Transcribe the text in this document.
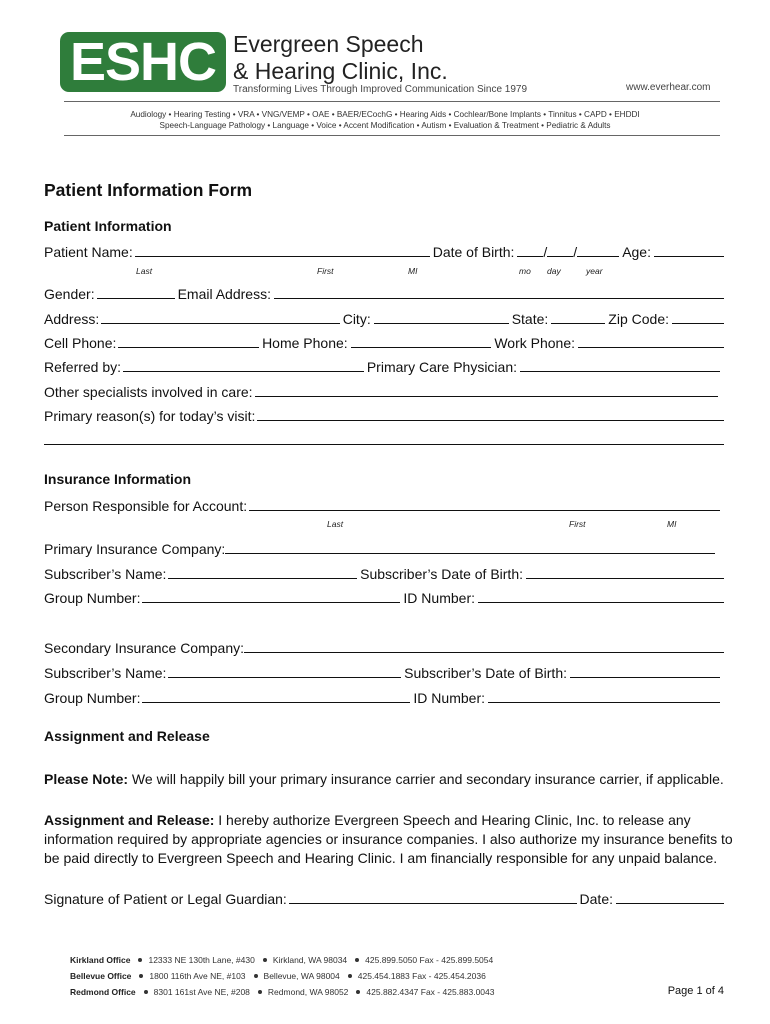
ESHC Evergreen Speech
& Hearing Clinic, Inc.
Transforming Lives Through Improved Communication Since 1979	www.everhear.com
Audiology • Hearing Testing • VRA • VNG/VEMP • OAE • BAER/ECochG • Hearing Aids • Cochlear/Bone Implants • Tinnitus • CAPD • EHDDI
Speech-Language Pathology • Language • Voice • Accent Modification • Autism • Evaluation & Treatment • Pediatric & Adults
Patient Information Form
Patient Information
Patient Name:	Date of Birth: / /	Age:
Last	First	MI	mo day	year
Gender:	Email Address:
Address:	City:	State:	Zip Code:
Cell Phone:	Home Phone:	Work Phone:
Referred by:	Primary Care Physician:
Other specialists involved in care:
Primary reason(s) for today’s visit:
Insurance Information
Person Responsible for Account:
Last	First	MI
Primary Insurance Company:
Subscriber’s Name:	Subscriber’s Date of Birth:
Group Number:	ID Number:
Secondary Insurance Company:
Subscriber’s Name:	Subscriber’s Date of Birth:
Group Number:	ID Number:
Assignment and Release
Please Note: We will happily bill your primary insurance carrier and secondary insurance carrier, if applicable.
Assignment and Release: I hereby authorize Evergreen Speech and Hearing Clinic, Inc. to release any information required by appropriate agencies or insurance companies. I also authorize my insurance benefits to be paid directly to Evergreen Speech and Hearing Clinic. I am financially responsible for any unpaid balance.
Signature of Patient or Legal Guardian:	Date:
Kirkland Office 12333 NE 130th Lane, #430 Kirkland, WA 98034 425.899.5050 Fax - 425.899.5054
Bellevue Office 1800 116th Ave NE, #103 Bellevue, WA 98004 425.454.1883 Fax - 425.454.2036
Redmond Office 8301 161st Ave NE, #208 Redmond, WA 98052 425.882.4347 Fax - 425.883.0043	Page 1 of 4
